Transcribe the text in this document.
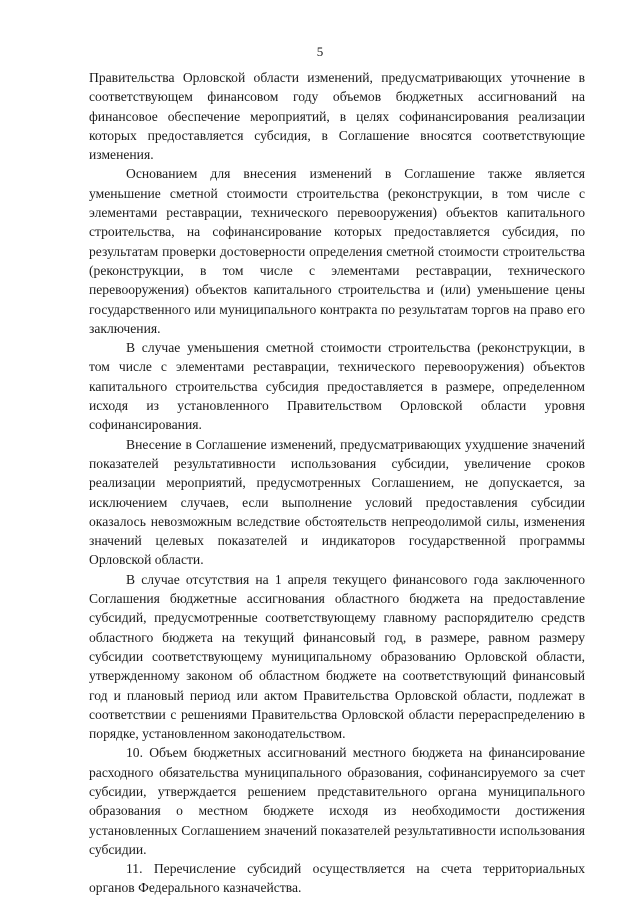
5

Правительства Орловской области изменений, предусматривающих уточнение в соответствующем финансовом году объемов бюджетных ассигнований на финансовое обеспечение мероприятий, в целях софинансирования реализации которых предоставляется субсидия, в Соглашение вносятся соответствующие изменения.

Основанием для внесения изменений в Соглашение также является уменьшение сметной стоимости строительства (реконструкции, в том числе с элементами реставрации, технического перевооружения) объектов капитального строительства, на софинансирование которых предоставляется субсидия, по результатам проверки достоверности определения сметной стоимости строительства (реконструкции, в том числе с элементами реставрации, технического перевооружения) объектов капитального строительства и (или) уменьшение цены государственного или муниципального контракта по результатам торгов на право его заключения.

В случае уменьшения сметной стоимости строительства (реконструкции, в том числе с элементами реставрации, технического перевооружения) объектов капитального строительства субсидия предоставляется в размере, определенном исходя из установленного Правительством Орловской области уровня софинансирования.

Внесение в Соглашение изменений, предусматривающих ухудшение значений показателей результативности использования субсидии, увеличение сроков реализации мероприятий, предусмотренных Соглашением, не допускается, за исключением случаев, если выполнение условий предоставления субсидии оказалось невозможным вследствие обстоятельств непреодолимой силы, изменения значений целевых показателей и индикаторов государственной программы Орловской области.

В случае отсутствия на 1 апреля текущего финансового года заключенного Соглашения бюджетные ассигнования областного бюджета на предоставление субсидий, предусмотренные соответствующему главному распорядителю средств областного бюджета на текущий финансовый год, в размере, равном размеру субсидии соответствующему муниципальному образованию Орловской области, утвержденному законом об областном бюджете на соответствующий финансовый год и плановый период или актом Правительства Орловской области, подлежат в соответствии с решениями Правительства Орловской области перераспределению в порядке, установленном законодательством.

10. Объем бюджетных ассигнований местного бюджета на финансирование расходного обязательства муниципального образования, софинансируемого за счет субсидии, утверждается решением представительного органа муниципального образования о местном бюджете исходя из необходимости достижения установленных Соглашением значений показателей результативности использования субсидии.

11. Перечисление субсидий осуществляется на счета территориальных органов Федерального казначейства.
